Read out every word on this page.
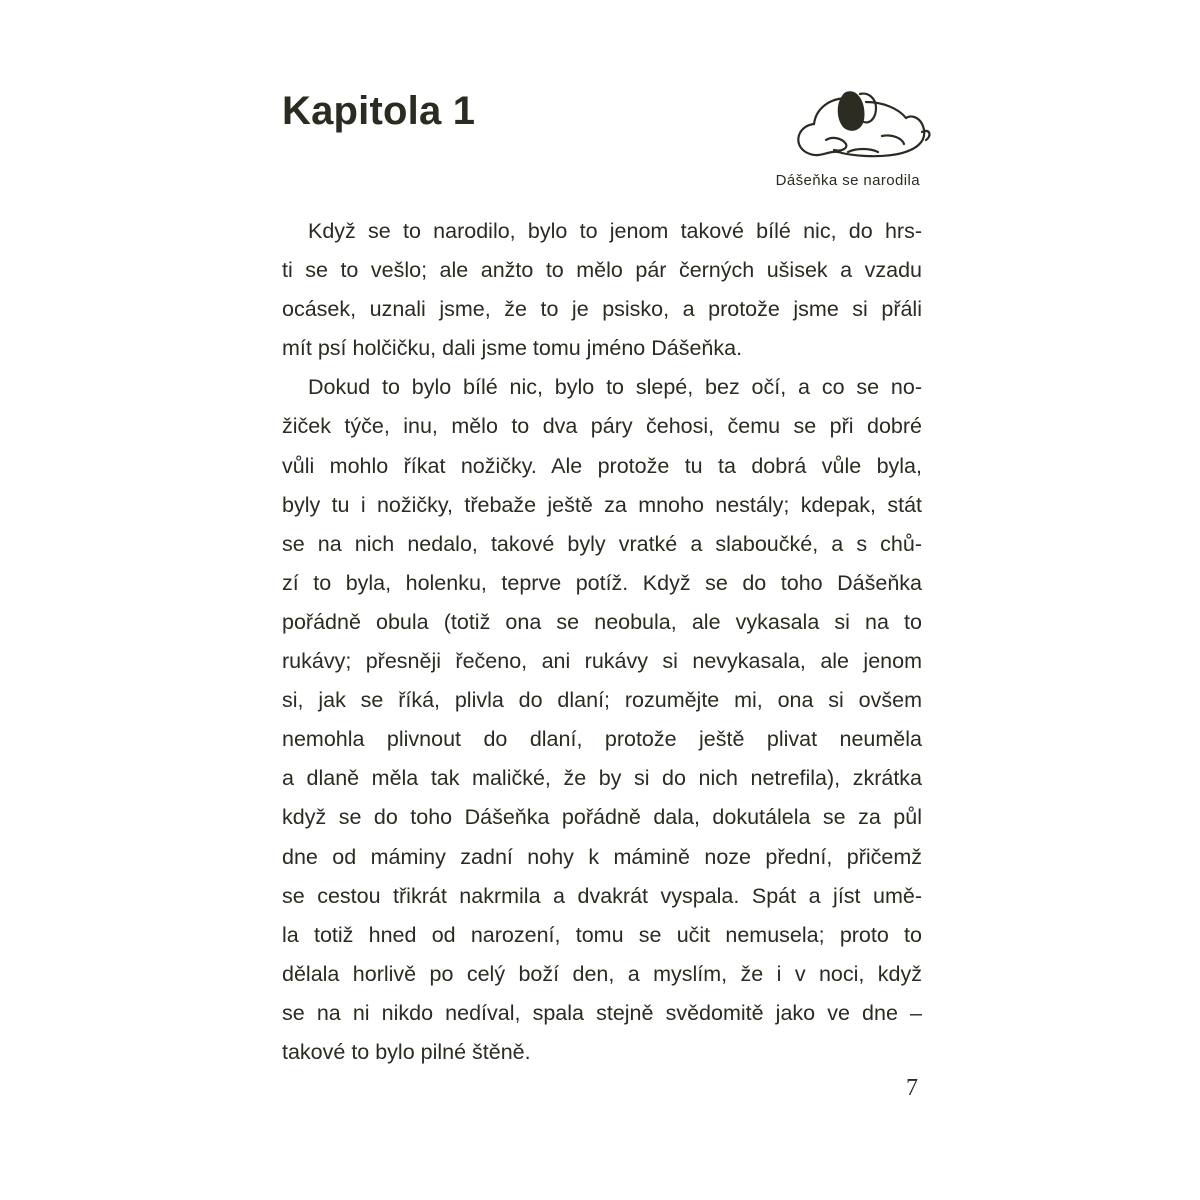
Kapitola 1

Dášeňka se narodila

Když se to narodilo, bylo to jenom takové bílé nic, do hrs-
ti se to vešlo; ale anžto to mělo pár černých ušisek a vzadu
ocásek, uznali jsme, že to je psisko, a protože jsme si přáli
mít psí holčičku, dali jsme tomu jméno Dášeňka.
Dokud to bylo bílé nic, bylo to slepé, bez očí, a co se no-
žiček týče, inu, mělo to dva páry čehosi, čemu se při dobré
vůli mohlo říkat nožičky. Ale protože tu ta dobrá vůle byla,
byly tu i nožičky, třebaže ještě za mnoho nestály; kdepak, stát
se na nich nedalo, takové byly vratké a slaboučké, a s chů-
zí to byla, holenku, teprve potíž. Když se do toho Dášeňka
pořádně obula (totiž ona se neobula, ale vykasala si na to
rukávy; přesněji řečeno, ani rukávy si nevykasala, ale jenom
si, jak se říká, plivla do dlaní; rozumějte mi, ona si ovšem
nemohla plivnout do dlaní, protože ještě plivat neuměla
a dlaně měla tak maličké, že by si do nich netrefila), zkrátka
když se do toho Dášeňka pořádně dala, dokutálela se za půl
dne od máminy zadní nohy k mámině noze přední, přičemž
se cestou třikrát nakrmila a dvakrát vyspala. Spát a jíst umě-
la totiž hned od narození, tomu se učit nemusela; proto to
dělala horlivě po celý boží den, a myslím, že i v noci, když
se na ni nikdo nedíval, spala stejně svědomitě jako ve dne –
takové to bylo pilné štěně.

7
